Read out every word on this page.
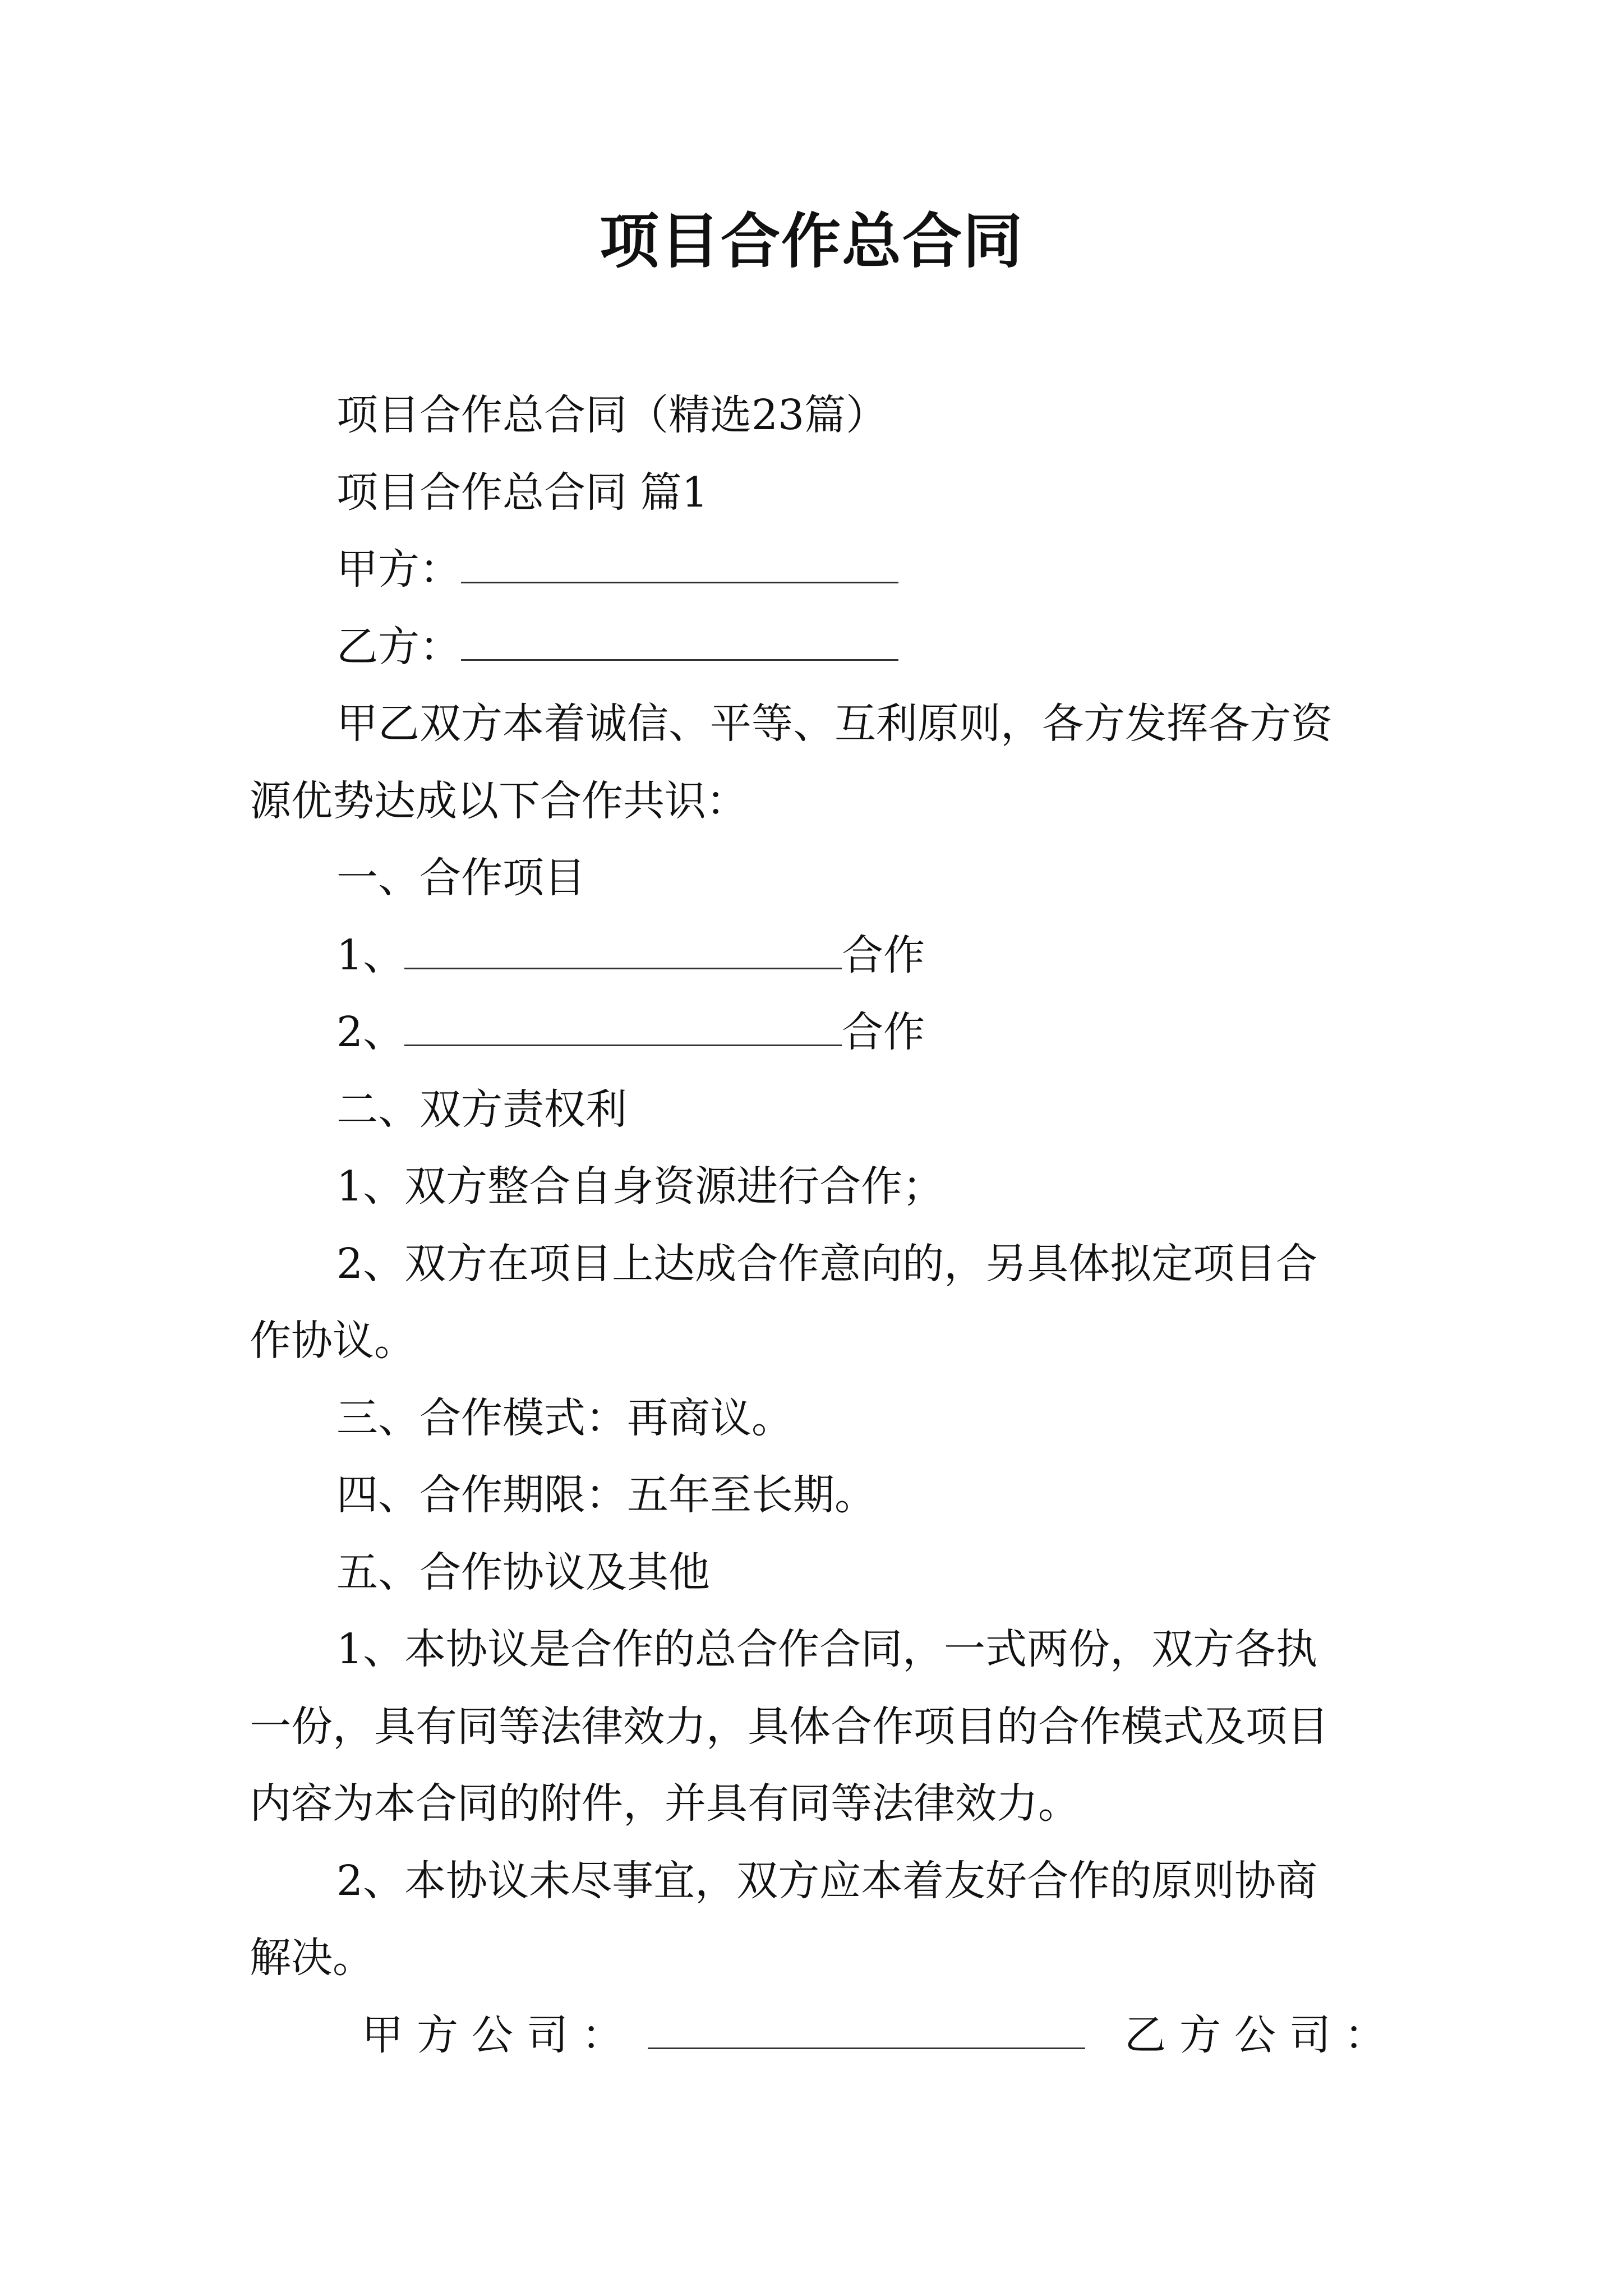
项目合作总合同
项目合作总合同（精选23篇）
项目合作总合同 篇1
甲方：
乙方：
甲乙双方本着诚信、平等、互利原则，各方发挥各方资
源优势达成以下合作共识：
一、合作项目
1、	合作
2、	合作
二、双方责权利
1、双方整合自身资源进行合作；
2、双方在项目上达成合作意向的，另具体拟定项目合
作协议。
三、合作模式：再商议。
四、合作期限：五年至长期。
五、合作协议及其他
1、本协议是合作的总合作合同，一式两份，双方各执
一份，具有同等法律效力，具体合作项目的合作模式及项目
内容为本合同的附件，并具有同等法律效力。
2、本协议未尽事宜，双方应本着友好合作的原则协商
解决。
甲方公司：	乙方公司：
